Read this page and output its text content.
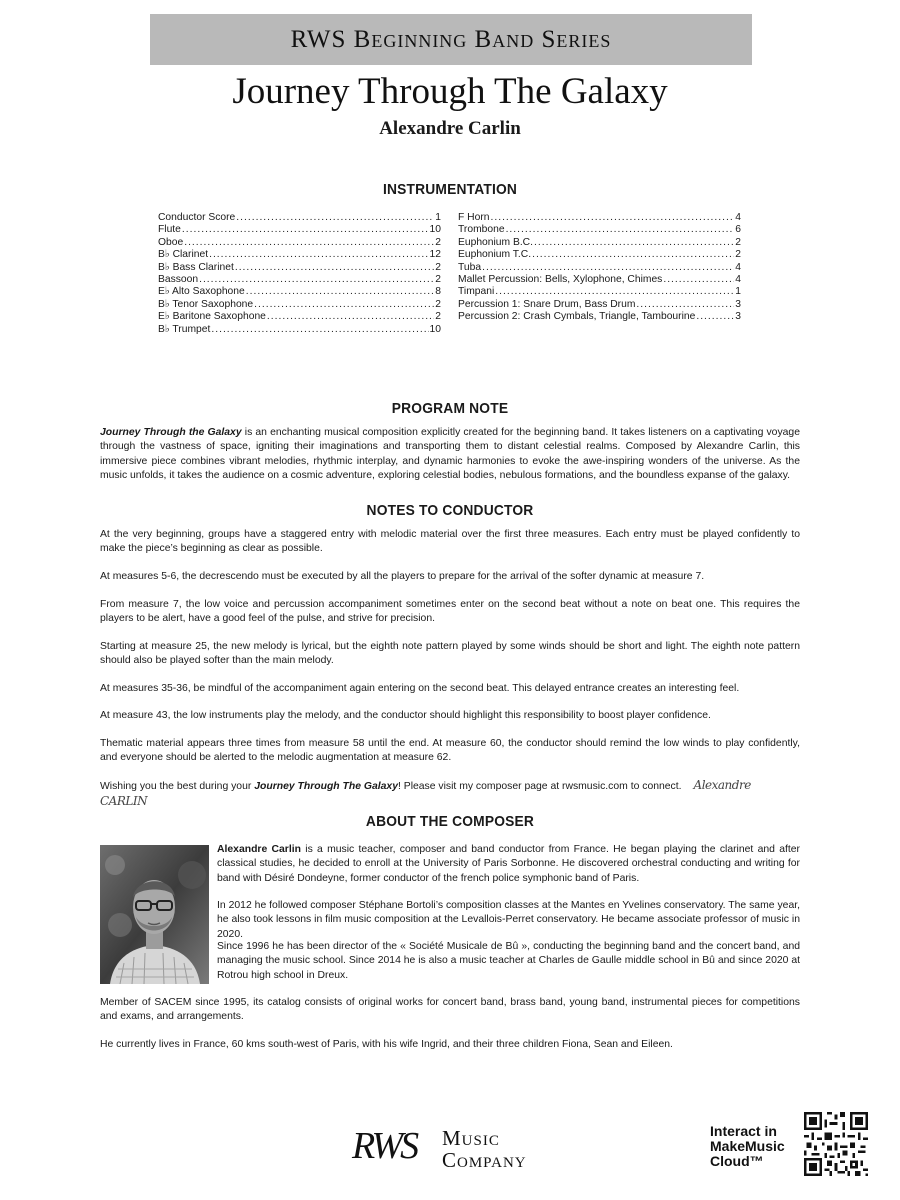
RWS Beginning Band Series
Journey Through The Galaxy
Alexandre Carlin
INSTRUMENTATION
Conductor Score .....	1
Flute .....	10
Oboe .....	2
B♭ Clarinet .....	12
B♭ Bass Clarinet .....	2
Bassoon .....	2
E♭ Alto Saxophone .....	8
B♭ Tenor Saxophone .....	2
E♭ Baritone Saxophone .....	2
B♭ Trumpet .....	10
F Horn .....	4
Trombone .....	6
Euphonium B.C. .....	2
Euphonium T.C. .....	2
Tuba .....	4
Mallet Percussion: Bells, Xylophone, Chimes .....	4
Timpani .....	1
Percussion 1: Snare Drum, Bass Drum .....	3
Percussion 2: Crash Cymbals, Triangle, Tambourine .....	3
PROGRAM NOTE
Journey Through the Galaxy is an enchanting musical composition explicitly created for the beginning band. It takes listeners on a captivating voyage through the vastness of space, igniting their imaginations and transporting them to distant celestial realms. Composed by Alexandre Carlin, this immersive piece combines vibrant melodies, rhythmic interplay, and dynamic harmonies to evoke the awe-inspiring wonders of the universe. As the music unfolds, it takes the audience on a cosmic adventure, exploring celestial bodies, nebulous formations, and the boundless expanse of the galaxy.
NOTES TO CONDUCTOR
At the very beginning, groups have a staggered entry with melodic material over the first three measures. Each entry must be played confidently to make the piece’s beginning as clear as possible.
At measures 5-6, the decrescendo must be executed by all the players to prepare for the arrival of the softer dynamic at measure 7.
From measure 7, the low voice and percussion accompaniment sometimes enter on the second beat without a note on beat one. This requires the players to be alert, have a good feel of the pulse, and strive for precision.
Starting at measure 25, the new melody is lyrical, but the eighth note pattern played by some winds should be short and light. The eighth note pattern should also be played softer than the main melody.
At measures 35-36, be mindful of the accompaniment again entering on the second beat. This delayed entrance creates an interesting feel.
At measure 43, the low instruments play the melody, and the conductor should highlight this responsibility to boost player confidence.
Thematic material appears three times from measure 58 until the end. At measure 60, the conductor should remind the low winds to play confidently, and everyone should be alerted to the melodic augmentation at measure 62.
Wishing you the best during your Journey Through The Galaxy! Please visit my composer page at rwsmusic.com to connect. Alexandre CARLIN
ABOUT THE COMPOSER
Alexandre Carlin is a music teacher, composer and band conductor from France. He began playing the clarinet and after classical studies, he decided to enroll at the University of Paris Sorbonne. He discovered orchestral conducting and writing for band with Désiré Dondeyne, former conductor of the french police symphonic band of Paris.
In 2012 he followed composer Stéphane Bortoli’s composition classes at the Mantes en Yvelines conservatory. The same year, he also took lessons in film music composition at the Levallois-Perret conservatory. He became associate professor of music in 2020.
Since 1996 he has been director of the « Société Musicale de Bû », conducting the beginning band and the concert band, and managing the music school. Since 2014 he is also a music teacher at Charles de Gaulle middle school in Bû and since 2020 at Rotrou high school in Dreux.
Member of SACEM since 1995, its catalog consists of original works for concert band, brass band, young band, instrumental pieces for competitions and exams, and arrangements.
He currently lives in France, 60 kms south-west of Paris, with his wife Ingrid, and their three children Fiona, Sean and Eileen.
RWS Music
Company
Interact in
MakeMusic
Cloud™
